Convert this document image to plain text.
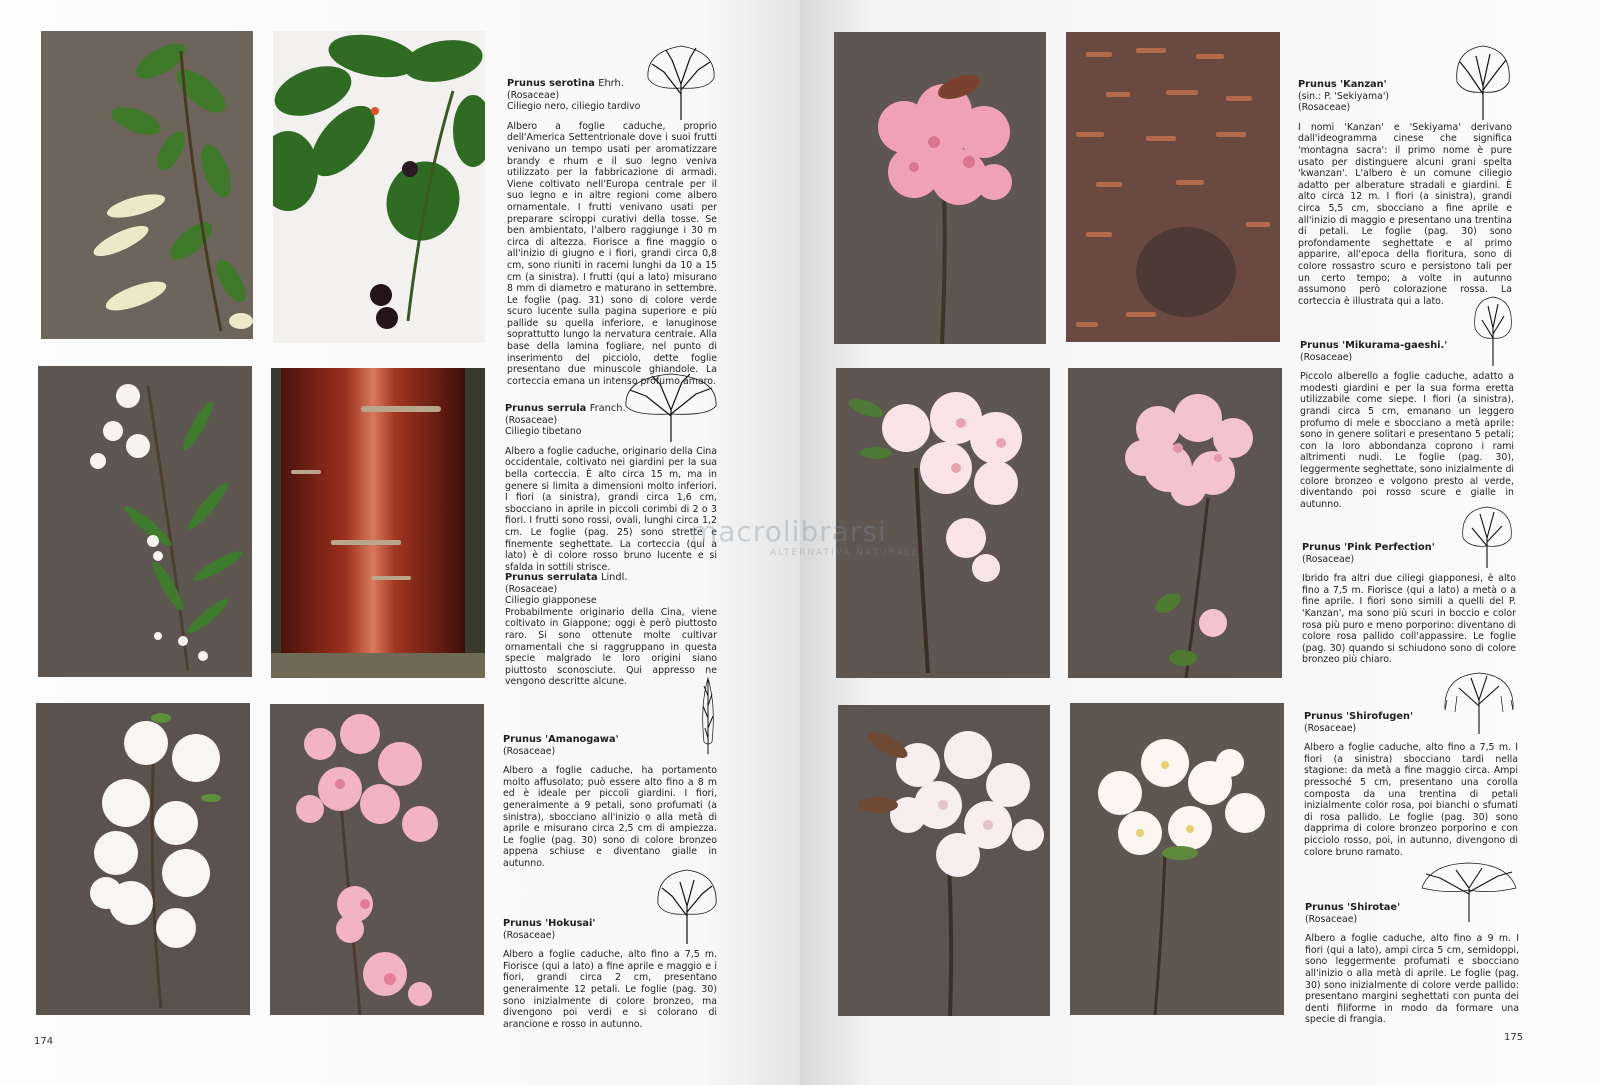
Prunus serotina Ehrh.
(Rosaceae)
Ciliegio nero, ciliegio tardivo

Albero a foglie caduche, proprio dell'America Settentrionale dove i suoi frutti venivano un tempo usati per aromatizzare brandy e rhum e il suo legno veniva utilizzato per la fabbricazione di armadi. Viene coltivato nell'Europa centrale per il suo legno e in altre regioni come albero ornamentale. I frutti venivano usati per preparare sciroppi curativi della tosse. Se ben ambientato, l'albero raggiunge i 30 m circa di altezza. Fiorisce a fine maggio o all'inizio di giugno e i fiori, grandi circa 0,8 cm, sono riuniti in racemi lunghi da 10 a 15 cm (a sinistra). I frutti (qui a lato) misurano 8 mm di diametro e maturano in settembre. Le foglie (pag. 31) sono di colore verde scuro lucente sulla pagina superiore e più pallide su quella inferiore, e lanuginose soprattutto lungo la nervatura centrale. Alla base della lamina fogliare, nel punto di inserimento del picciolo, dette foglie presentano due minuscole ghiandole. La corteccia emana un intenso profumo amaro.

Prunus serrula Franch.
(Rosaceae)
Ciliegio tibetano

Albero a foglie caduche, originario della Cina occidentale, coltivato nei giardini per la sua bella corteccia. È alto circa 15 m, ma in genere si limita a dimensioni molto inferiori. I fiori (a sinistra), grandi circa 1,6 cm, sbocciano in aprile in piccoli corimbi di 2 o 3 fiori. I frutti sono rossi, ovali, lunghi circa 1,2 cm. Le foglie (pag. 25) sono strette e finemente seghettate. La corteccia (qui a lato) è di colore rosso bruno lucente e si sfalda in sottili strisce.

Prunus serrulata Lindl.
(Rosaceae)
Ciliegio giapponese

Probabilmente originario della Cina, viene coltivato in Giappone; oggi è però piuttosto raro. Si sono ottenute molte cultivar ornamentali che si raggruppano in questa specie malgrado le loro origini siano piuttosto sconosciute. Qui appresso ne vengono descritte alcune.

Prunus 'Amanogawa'
(Rosaceae)

Albero a foglie caduche, ha portamento molto affusolato; può essere alto fino a 8 m ed è ideale per piccoli giardini. I fiori, generalmente a 9 petali, sono profumati (a sinistra), sbocciano all'inizio o alla metà di aprile e misurano circa 2,5 cm di ampiezza. Le foglie (pag. 30) sono di colore bronzeo appena schiuse e diventano gialle in autunno.

Prunus 'Hokusai'
(Rosaceae)

Albero a foglie caduche, alto fino a 7,5 m. Fiorisce (qui a lato) a fine aprile e maggio e i fiori, grandi circa 2 cm, presentano generalmente 12 petali. Le foglie (pag. 30) sono inizialmente di colore bronzeo, ma divengono poi verdi e si colorano di arancione e rosso in autunno.

174
Prunus 'Kanzan'
(sin.: P. 'Sekiyama')
(Rosaceae)

I nomi 'Kanzan' e 'Sekiyama' derivano dall'ideogramma cinese che significa 'montagna sacra': il primo nome è pure usato per distinguere alcuni grani spelta 'kwanzan'. L'albero è un comune ciliegio adatto per alberature stradali e giardini. È alto circa 12 m. I fiori (a sinistra), grandi circa 5,5 cm, sbocciano a fine aprile e all'inizio di maggio e presentano una trentina di petali. Le foglie (pag. 30) sono profondamente seghettate e al primo apparire, all'epoca della fioritura, sono di colore rossastro scuro e persistono tali per un certo tempo; a volte in autunno assumono però colorazione rossa. La corteccia è illustrata qui a lato.

Prunus 'Mikurama-gaeshi.'
(Rosaceae)

Piccolo alberello a foglie caduche, adatto a modesti giardini e per la sua forma eretta utilizzabile come siepe. I fiori (a sinistra), grandi circa 5 cm, emanano un leggero profumo di mele e sbocciano a metà aprile: sono in genere solitari e presentano 5 petali; con la loro abbondanza coprono i rami altrimenti nudi. Le foglie (pag. 30), leggermente seghettate, sono inizialmente di colore bronzeo e volgono presto al verde, diventando poi rosso scure e gialle in autunno.

Prunus 'Pink Perfection'
(Rosaceae)

Ibrido fra altri due ciliegi giapponesi, è alto fino a 7,5 m. Fiorisce (qui a lato) a metà o a fine aprile. I fiori sono simili a quelli del P. 'Kanzan', ma sono più scuri in boccio e color rosa più puro e meno porporino: diventano di colore rosa pallido coll'appassire. Le foglie (pag. 30) quando si schiudono sono di colore bronzeo più chiaro.

Prunus 'Shirofugen'
(Rosaceae)

Albero a foglie caduche, alto fino a 7,5 m. I fiori (a sinistra) sbocciano tardi nella stagione: da metà a fine maggio circa. Ampi pressoché 5 cm, presentano una corolla composta da una trentina di petali inizialmente color rosa, poi bianchi o sfumati di rosa pallido. Le foglie (pag. 30) sono dapprima di colore bronzeo porporino e con picciolo rosso, poi, in autunno, divengono di colore bruno ramato.

Prunus 'Shirotae'
(Rosaceae)

Albero a foglie caduche, alto fino a 9 m. I fiori (qui a lato), ampi circa 5 cm, semidoppi, sono leggermente profumati e sbocciano all'inizio o alla metà di aprile. Le foglie (pag. 30) sono inizialmente di colore verde pallido: presentano margini seghettati con punta dei denti filiforme in modo da formare una specie di frangia.

175
macrolibrarsi
ALTERNATIVA NATURALE
